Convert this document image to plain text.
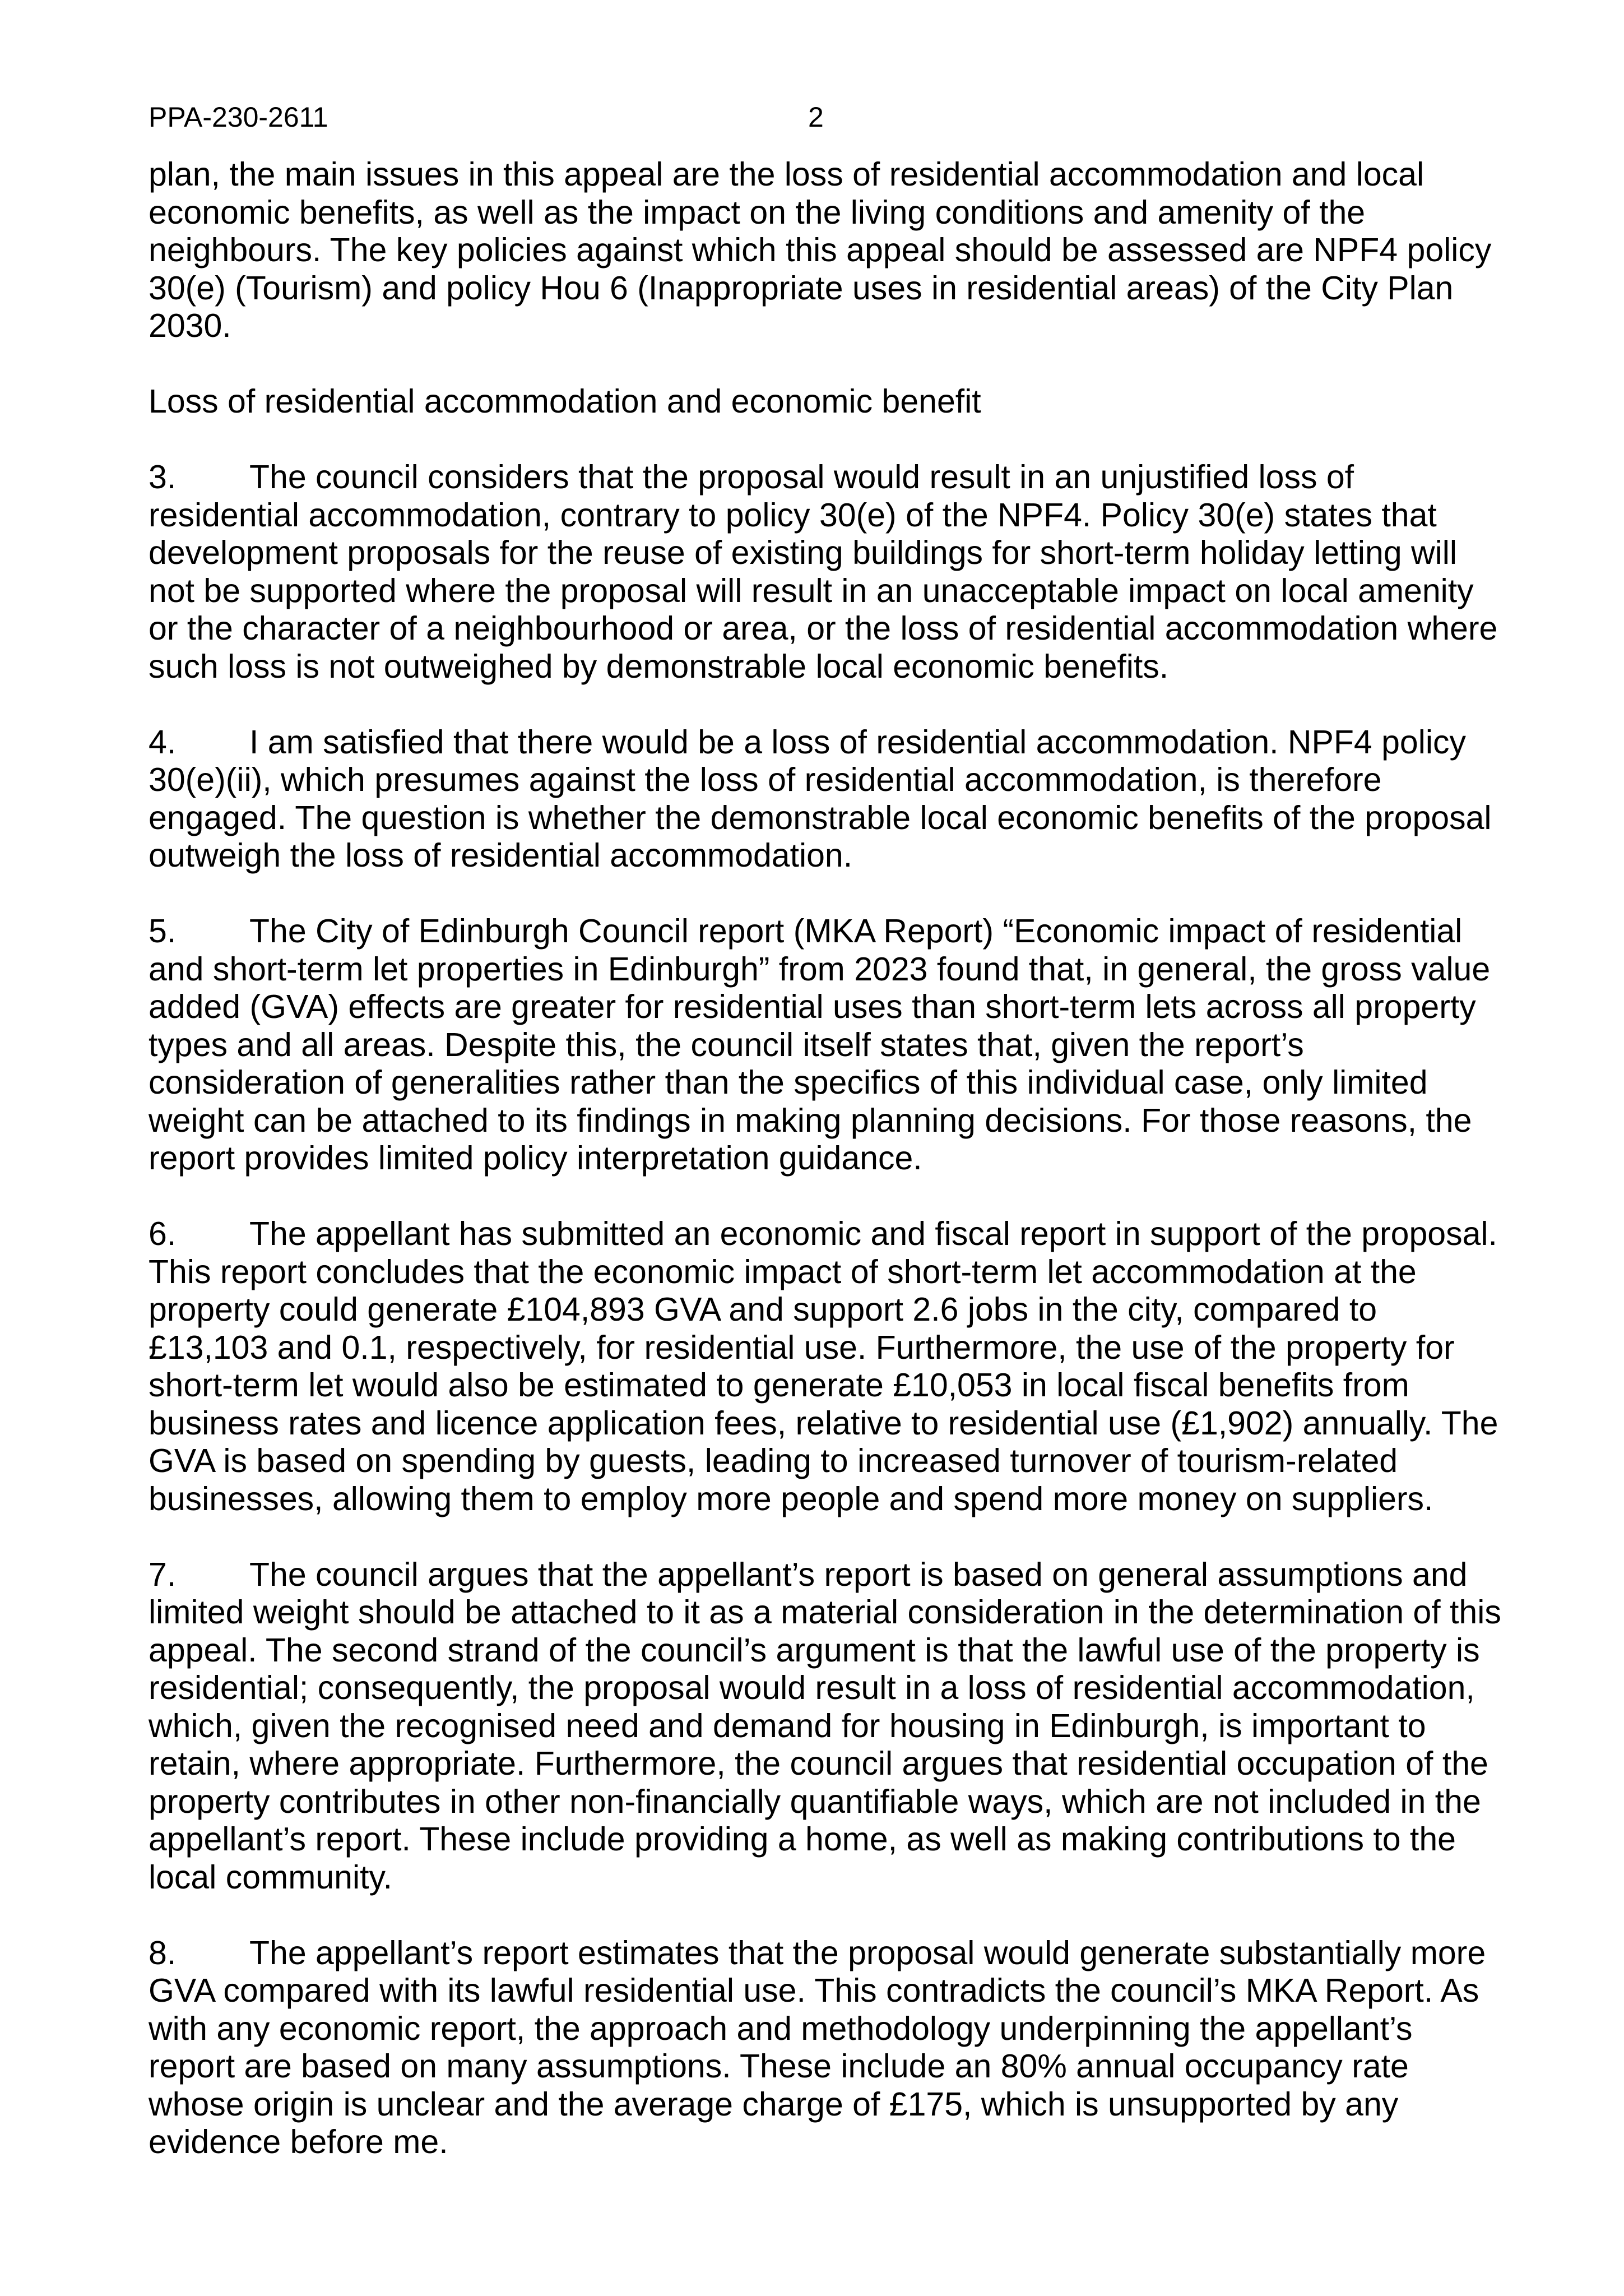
PPA-230-2611	2

plan, the main issues in this appeal are the loss of residential accommodation and local economic benefits, as well as the impact on the living conditions and amenity of the neighbours. The key policies against which this appeal should be assessed are NPF4 policy 30(e) (Tourism) and policy Hou 6 (Inappropriate uses in residential areas) of the City Plan 2030.

Loss of residential accommodation and economic benefit

3. The council considers that the proposal would result in an unjustified loss of residential accommodation, contrary to policy 30(e) of the NPF4. Policy 30(e) states that development proposals for the reuse of existing buildings for short-term holiday letting will not be supported where the proposal will result in an unacceptable impact on local amenity or the character of a neighbourhood or area, or the loss of residential accommodation where such loss is not outweighed by demonstrable local economic benefits.

4. I am satisfied that there would be a loss of residential accommodation. NPF4 policy 30(e)(ii), which presumes against the loss of residential accommodation, is therefore engaged. The question is whether the demonstrable local economic benefits of the proposal outweigh the loss of residential accommodation.

5. The City of Edinburgh Council report (MKA Report) “Economic impact of residential and short-term let properties in Edinburgh” from 2023 found that, in general, the gross value added (GVA) effects are greater for residential uses than short-term lets across all property types and all areas. Despite this, the council itself states that, given the report’s consideration of generalities rather than the specifics of this individual case, only limited weight can be attached to its findings in making planning decisions. For those reasons, the report provides limited policy interpretation guidance.

6. The appellant has submitted an economic and fiscal report in support of the proposal. This report concludes that the economic impact of short-term let accommodation at the property could generate £104,893 GVA and support 2.6 jobs in the city, compared to £13,103 and 0.1, respectively, for residential use. Furthermore, the use of the property for short-term let would also be estimated to generate £10,053 in local fiscal benefits from business rates and licence application fees, relative to residential use (£1,902) annually. The GVA is based on spending by guests, leading to increased turnover of tourism-related businesses, allowing them to employ more people and spend more money on suppliers.

7. The council argues that the appellant’s report is based on general assumptions and limited weight should be attached to it as a material consideration in the determination of this appeal. The second strand of the council’s argument is that the lawful use of the property is residential; consequently, the proposal would result in a loss of residential accommodation, which, given the recognised need and demand for housing in Edinburgh, is important to retain, where appropriate. Furthermore, the council argues that residential occupation of the property contributes in other non-financially quantifiable ways, which are not included in the appellant’s report. These include providing a home, as well as making contributions to the local community.

8. The appellant’s report estimates that the proposal would generate substantially more GVA compared with its lawful residential use. This contradicts the council’s MKA Report. As with any economic report, the approach and methodology underpinning the appellant’s report are based on many assumptions. These include an 80% annual occupancy rate whose origin is unclear and the average charge of £175, which is unsupported by any evidence before me.
